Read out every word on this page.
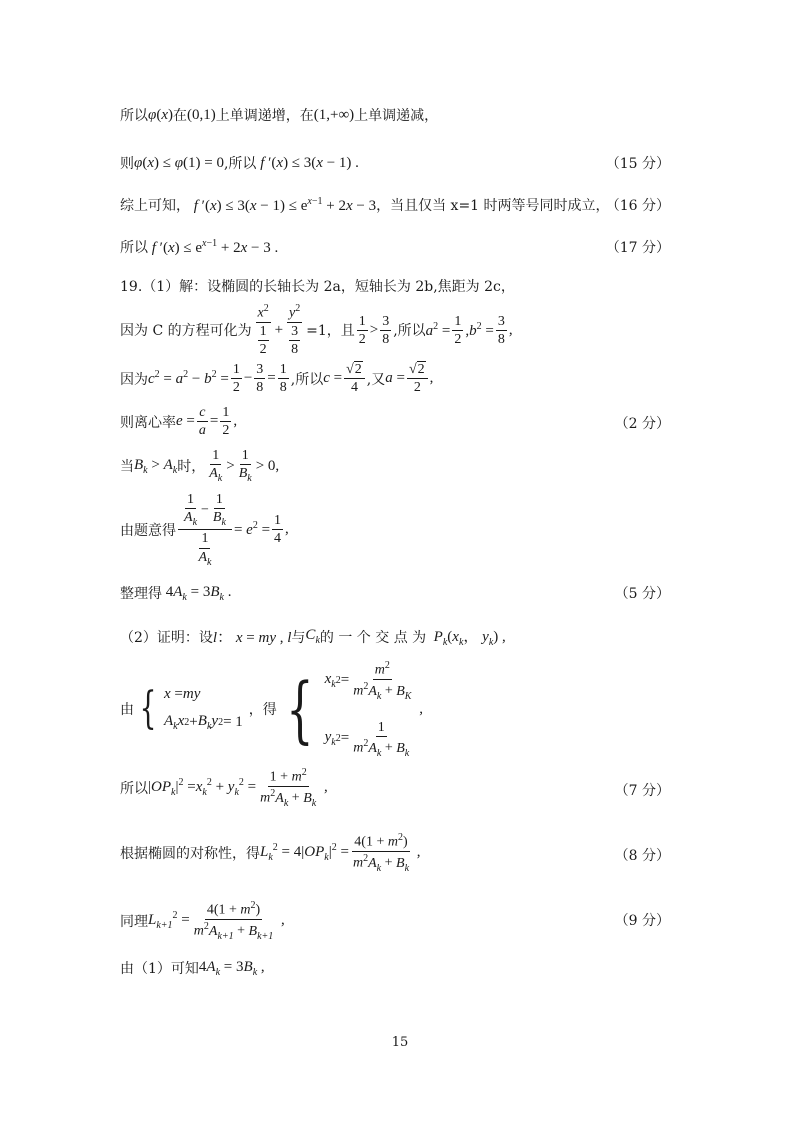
所以 φ(x) 在 (0,1) 上单调递增，在 (1,+∞) 上单调递减，
则 φ(x) ≤ φ(1) = 0 ,所以 f ′(x) ≤ 3(x − 1) .	（15 分）
综上可知， f $'(x) \le 3(x - 1) \le e^{x-1} + 2x - 3$ ，当且仅当 x=1 时两等号同时成立，
（16 分）
所以 f $'(x) \le e^{x-1} + 2x - 3$ .	（17 分）
19.（1）解：设椭圆的长轴长为 2a，短轴长为 2b,焦距为 2c，
因为 C 的方程可化为 $\frac{x^2}{\frac{1}{2}} + \frac{y^2}{\frac{3}{8}} =1$，且 $\frac{1}{2} > \frac{3}{8}$ ,所以 $a^2 = \frac{1}{2} ,b^2 = \frac{3}{8}$ ,
因为 $c^2 = a^2 - b^2 = \frac{1}{2} - \frac{3}{8} = \frac{1}{8}$ ,所以 $c = \frac{√2}{4}$ ,又 $a = \frac{√2}{2}$ ,
则离心率 $e = \frac{c}{a} = \frac{1}{2}$ ,	（2 分）
当 $B_k > A_k$ 时， $\frac{1}{A_k} > \frac{1}{B_k} > 0$,
由题意得 $\frac{\frac{1}{A_k} - \frac{1}{B_k}}{\frac{1}{A_k}} = e^2 = \frac{1}{4}$ ,
整理得 $4A_k = 3B_k$ .	（5 分）
（2）证明：设 l： x = my , l 与 $C_k$ 的 一 个 交 点 为 $P_k(x_k$， $y_k$) ,
由 { x = my
$A_kx$ $2 + B_ky$ 2 = 1
，得 { $x_k$ $2 = \frac{m^2}{m^2A_k + B_K}$
$y_k$ $2 = \frac{1}{m^2A_k + B_k}$
,
所以 $|OP_k|^2 =x_k^2 + y_k^2 = \frac{1 + m^2}{m^2A_k + B_k}$ ,	（7 分）
根据椭圆的对称性，得 $L_k^2 = 4|OP_k|^2 = \frac{4(1 + m^2)}{m^2A_k + B_k}$ ,	（8 分）
同理 $L_{k+1}^2 = \frac{4(1 + m^2)}{m^2A_{k+1} + B_{k+1}}$ ,	（9 分）
由（1）可知 $4A_k = 3B_k$ ,
15
